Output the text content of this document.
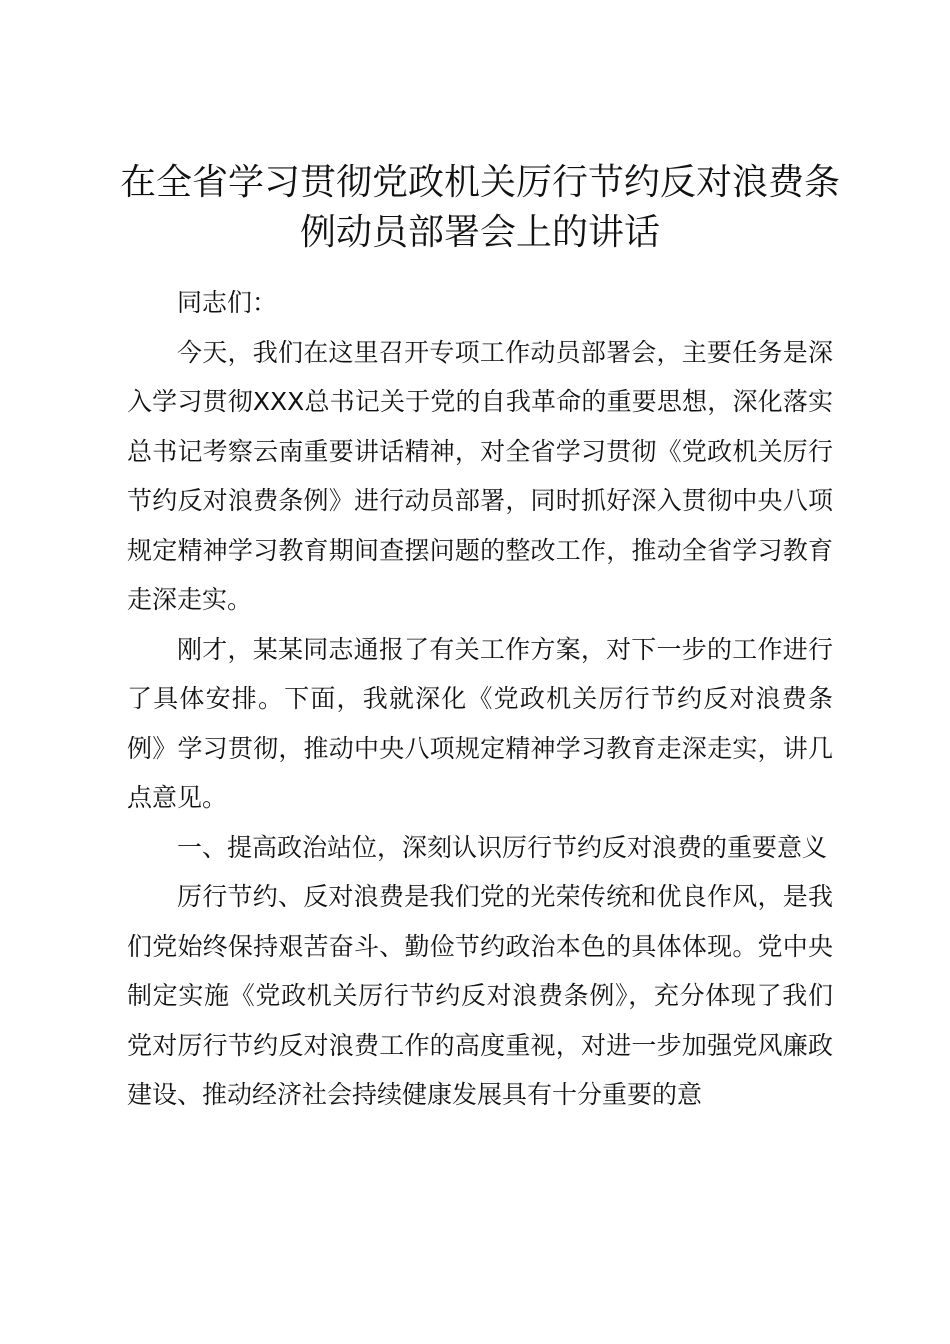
在全省学习贯彻党政机关厉行节约反对浪费条例动员部署会上的讲话

同志们：

今天，我们在这里召开专项工作动员部署会，主要任务是深入学习贯彻XXX总书记关于党的自我革命的重要思想，深化落实总书记考察云南重要讲话精神，对全省学习贯彻《党政机关厉行节约反对浪费条例》进行动员部署，同时抓好深入贯彻中央八项规定精神学习教育期间查摆问题的整改工作，推动全省学习教育走深走实。

刚才，某某同志通报了有关工作方案，对下一步的工作进行了具体安排。下面，我就深化《党政机关厉行节约反对浪费条例》学习贯彻，推动中央八项规定精神学习教育走深走实，讲几点意见。

一、提高政治站位，深刻认识厉行节约反对浪费的重要意义

厉行节约、反对浪费是我们党的光荣传统和优良作风，是我们党始终保持艰苦奋斗、勤俭节约政治本色的具体体现。党中央制定实施《党政机关厉行节约反对浪费条例》，充分体现了我们党对厉行节约反对浪费工作的高度重视，对进一步加强党风廉政建设、推动经济社会持续健康发展具有十分重要的意
